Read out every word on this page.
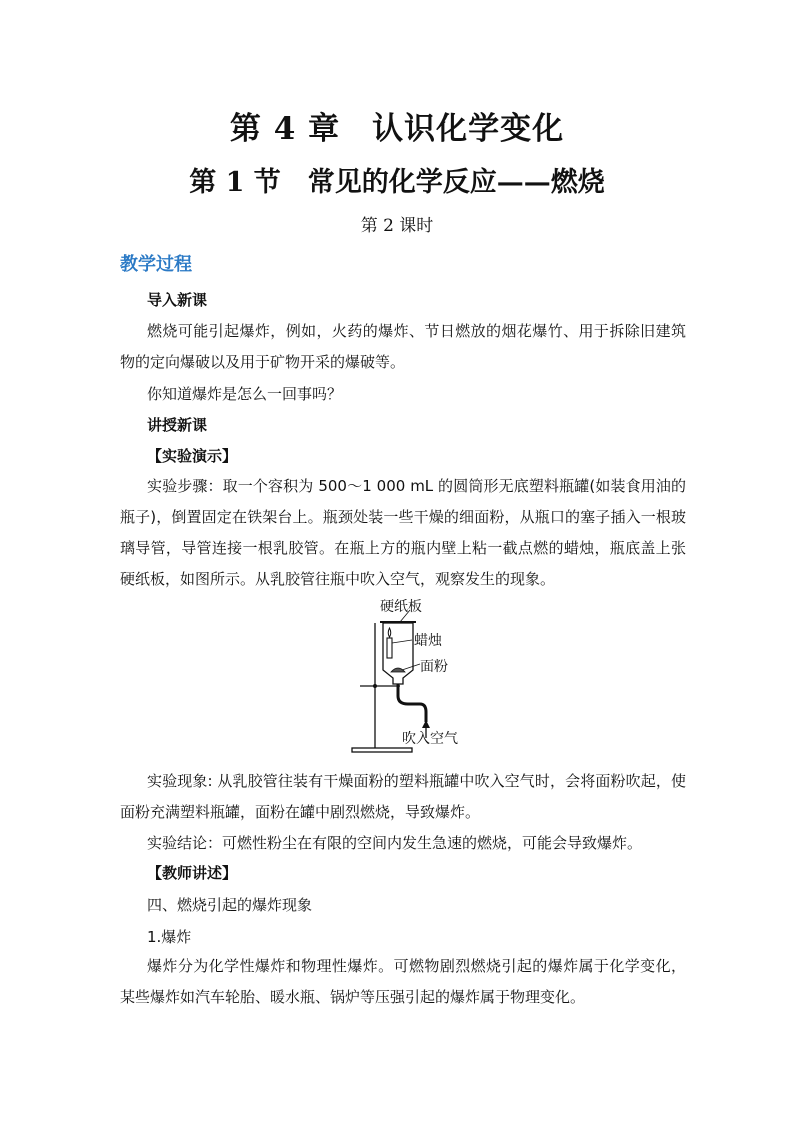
第 4 章　认识化学变化
第 1 节　常见的化学反应——燃烧
第 2 课时
教学过程
导入新课
燃烧可能引起爆炸，例如，火药的爆炸、节日燃放的烟花爆竹、用于拆除旧建筑物的定向爆破以及用于矿物开采的爆破等。
你知道爆炸是怎么一回事吗？
讲授新课
【实验演示】
实验步骤：取一个容积为 500～1 000 mL 的圆筒形无底塑料瓶罐(如装食用油的瓶子)，倒置固定在铁架台上。瓶颈处装一些干燥的细面粉，从瓶口的塞子插入一根玻璃导管，导管连接一根乳胶管。在瓶上方的瓶内壁上粘一截点燃的蜡烛，瓶底盖上张硬纸板，如图所示。从乳胶管往瓶中吹入空气，观察发生的现象。
硬纸板
蜡烛
面粉
吹入空气
实验现象: 从乳胶管往装有干燥面粉的塑料瓶罐中吹入空气时，会将面粉吹起，使面粉充满塑料瓶罐，面粉在罐中剧烈燃烧，导致爆炸。
实验结论：可燃性粉尘在有限的空间内发生急速的燃烧，可能会导致爆炸。
【教师讲述】
四、燃烧引起的爆炸现象
1.爆炸
爆炸分为化学性爆炸和物理性爆炸。可燃物剧烈燃烧引起的爆炸属于化学变化，某些爆炸如汽车轮胎、暖水瓶、锅炉等压强引起的爆炸属于物理变化。
